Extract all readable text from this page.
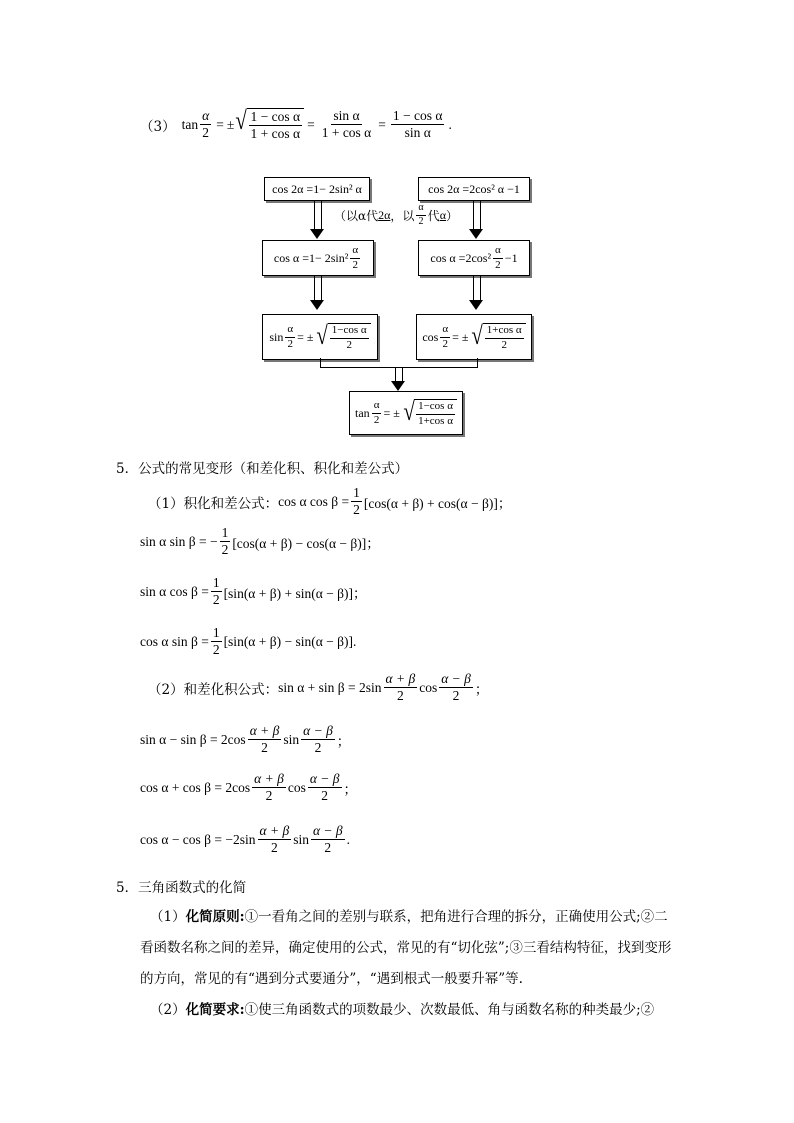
（3） $\tan \frac{\alpha}{2}$ = ± √ $\frac{\text{1 − cos α}}{\text{1 + cos α}} = \frac{\text{sin α}}{\text{1 + cos α}} = \frac{\text{1 − cos α}}{\text{sin α}}$ .
cos 2α =1− 2sin² α	cos 2α =2cos² α −1
（以α代 2α ，以 $\frac{\alpha}{2}$ 代 α ）
$\cos \alpha =1- 2\sin^2 \frac{\alpha}{2}$	$\cos \alpha =2\cos^2 \frac{\alpha}{2} -1$
$\sin \frac{\alpha}{2}$ = ± √ $\frac{\text{1−cos α}}{2}$	$\cos \frac{\alpha}{2}$ = ± √ $\frac{\text{1+cos α}}{2}$
$\tan \frac{\alpha}{2}$ = ± √ $\frac{\text{1−cos α}}{\text{1+cos α}}$
5．公式的常见变形（和差化积、积化和差公式）
（1）积化和差公式： cos α $\cos \beta = \frac{1}{2} [\cos(\alpha + \beta) + \cos(\alpha - \beta)]$；
sin α sin β = − $\frac{1}{2} [\cos(\alpha + \beta) - \cos(\alpha - \beta)]$；
sin α $\cos \beta = \frac{1}{2} [\sin(\alpha + \beta) + \sin(\alpha - \beta)]$；
cos α $\sin \beta = \frac{1}{2} [\sin(\alpha + \beta) - \sin(\alpha - \beta)]$.
（2）和差化积公式： $\sin \alpha + \sin \beta = 2\sin \frac{\alpha + \beta}{2}$ $\cos \frac{\alpha - \beta}{2}$ ；
$\sin \alpha - \sin \beta = 2\cos \frac{\alpha + \beta}{2}$ $\sin \frac{\alpha - \beta}{2}$ ；
$\cos \alpha + \cos \beta = 2\cos \frac{\alpha + \beta}{2}$ $\cos \frac{\alpha - \beta}{2}$ ；
$\cos \alpha - \cos \beta = -2\sin \frac{\alpha + \beta}{2}$ $\sin \frac{\alpha - \beta}{2}$ .
5．三角函数式的化简
（1）化简原则:①一看角之间的差别与联系，把角进行合理的拆分，正确使用公式;②二看函数名称之间的差异，确定使用的公式，常见的有“切化弦”;③三看结构特征，找到变形的方向，常见的有“遇到分式要通分”，“遇到根式一般要升幂”等.
（2）化简要求:①使三角函数式的项数最少、次数最低、角与函数名称的种类最少;②
